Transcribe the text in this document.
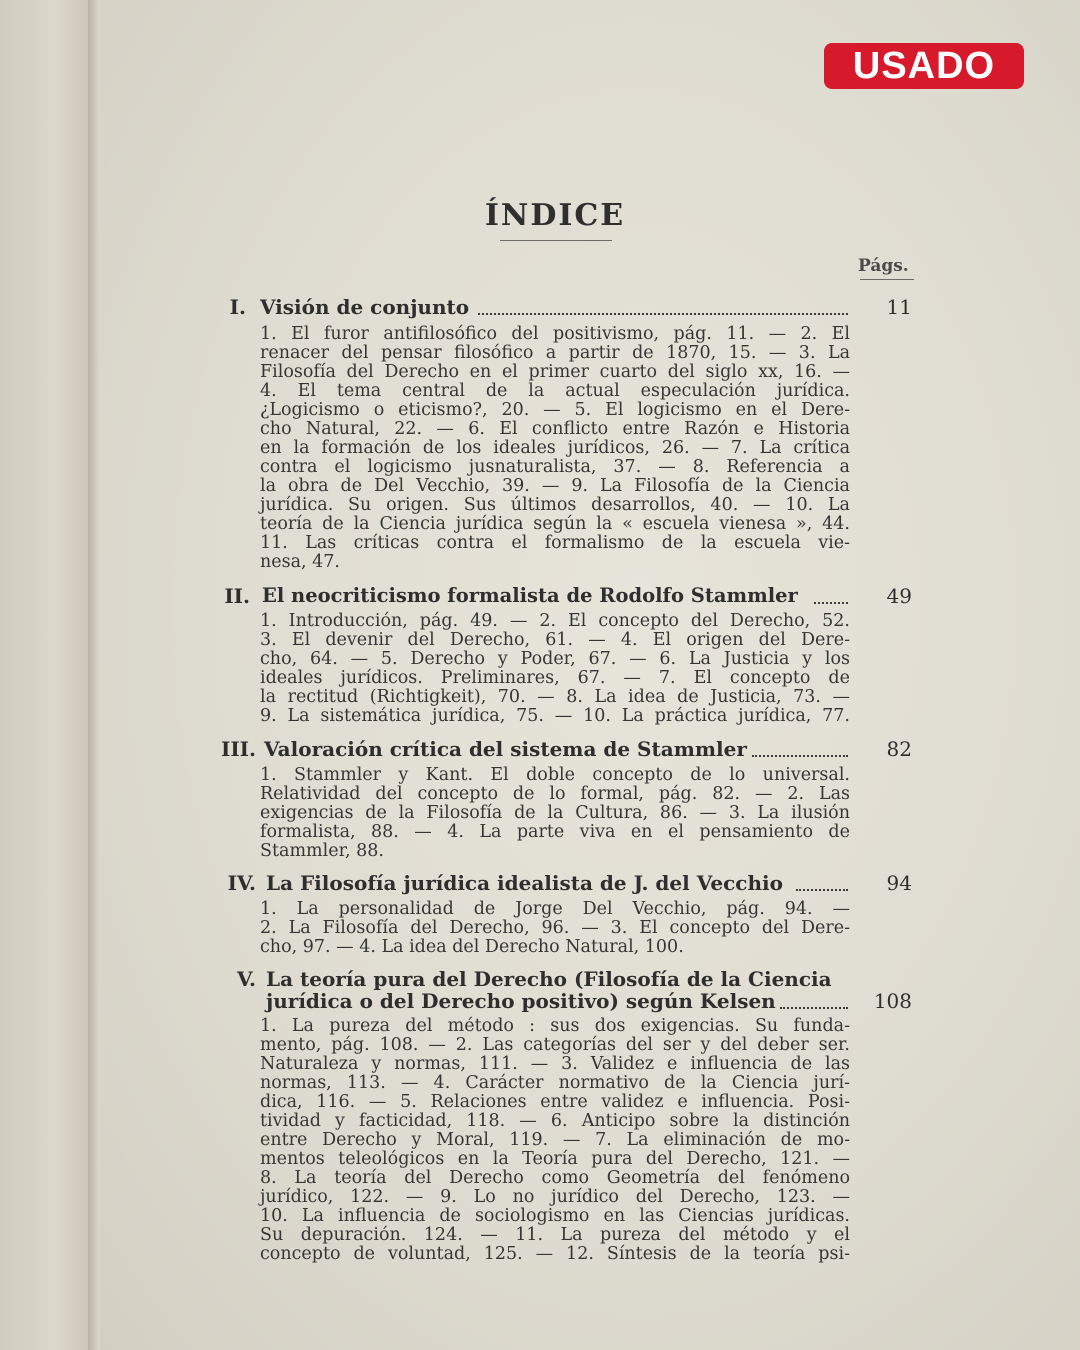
USADO
ÍNDICE
Págs.
I. Visión de conjunto	11
1. El furor antifilosófico del positivismo, pág. 11. — 2. El
renacer del pensar filosófico a partir de 1870, 15. — 3. La
Filosofía del Derecho en el primer cuarto del siglo xx, 16. —
4. El tema central de la actual especulación jurídica.
¿Logicismo o eticismo?, 20. — 5. El logicismo en el Dere-
cho Natural, 22. — 6. El conflicto entre Razón e Historia
en la formación de los ideales jurídicos, 26. — 7. La crítica
contra el logicismo jusnaturalista, 37. — 8. Referencia a
la obra de Del Vecchio, 39. — 9. La Filosofía de la Ciencia
jurídica. Su origen. Sus últimos desarrollos, 40. — 10. La
teoría de la Ciencia jurídica según la « escuela vienesa », 44.
11. Las críticas contra el formalismo de la escuela vie-
nesa, 47.
II. El neocriticismo formalista de Rodolfo Stammler	49
1. Introducción, pág. 49. — 2. El concepto del Derecho, 52.
3. El devenir del Derecho, 61. — 4. El origen del Dere-
cho, 64. — 5. Derecho y Poder, 67. — 6. La Justicia y los
ideales jurídicos. Preliminares, 67. — 7. El concepto de
la rectitud (Richtigkeit), 70. — 8. La idea de Justicia, 73. —
9. La sistemática jurídica, 75. — 10. La práctica jurídica, 77.
III. Valoración crítica del sistema de Stammler	82
1. Stammler y Kant. El doble concepto de lo universal.
Relatividad del concepto de lo formal, pág. 82. — 2. Las
exigencias de la Filosofía de la Cultura, 86. — 3. La ilusión
formalista, 88. — 4. La parte viva en el pensamiento de
Stammler, 88.
IV. La Filosofía jurídica idealista de J. del Vecchio	94
1. La personalidad de Jorge Del Vecchio, pág. 94. —
2. La Filosofía del Derecho, 96. — 3. El concepto del Dere-
cho, 97. — 4. La idea del Derecho Natural, 100.
V. La teoría pura del Derecho (Filosofía de la Ciencia
jurídica o del Derecho positivo) según Kelsen	108
1. La pureza del método : sus dos exigencias. Su funda-
mento, pág. 108. — 2. Las categorías del ser y del deber ser.
Naturaleza y normas, 111. — 3. Validez e influencia de las
normas, 113. — 4. Carácter normativo de la Ciencia jurí-
dica, 116. — 5. Relaciones entre validez e influencia. Posi-
tividad y facticidad, 118. — 6. Anticipo sobre la distinción
entre Derecho y Moral, 119. — 7. La eliminación de mo-
mentos teleológicos en la Teoría pura del Derecho, 121. —
8. La teoría del Derecho como Geometría del fenómeno
jurídico, 122. — 9. Lo no jurídico del Derecho, 123. —
10. La influencia de sociologismo en las Ciencias jurídicas.
Su depuración. 124. — 11. La pureza del método y el
concepto de voluntad, 125. — 12. Síntesis de la teoría psi-
